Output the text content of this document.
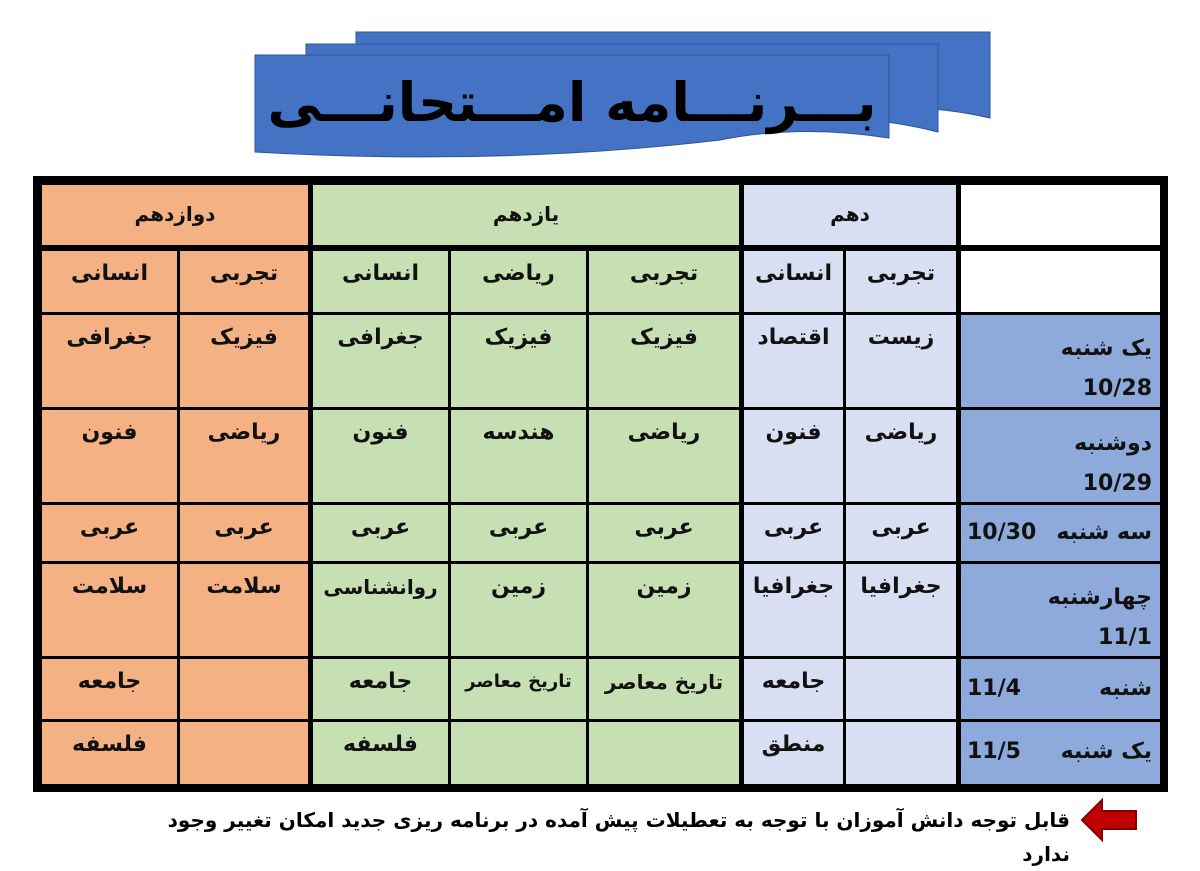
بـــرنـــامه امـــتحانـــی
دهم
یازدهم
دوازدهم
تجربی
انسانی
تجربی
ریاضی
انسانی
تجربی
انسانی
یک شنبه
10/28
زیست
اقتصاد
فیزیک
فیزیک
جغرافی
فیزیک
جغرافی
دوشنبه
10/29
ریاضی
فنون
ریاضی
هندسه
فنون
ریاضی
فنون
سه شنبه
10/30
عربی
عربی
عربی
عربی
عربی
عربی
عربی
چهارشنبه
11/1
جغرافیا
جغرافیا
زمین
زمین
روانشناسی
سلامت
سلامت
شنبه
11/4
جامعه
تاریخ معاصر
تاریخ معاصر
جامعه
جامعه
یک شنبه
11/5
منطق
فلسفه
فلسفه
قابل توجه دانش آموزان با توجه به تعطیلات پیش آمده در برنامه ریزی جدید امکان تغییر وجود ندارد
